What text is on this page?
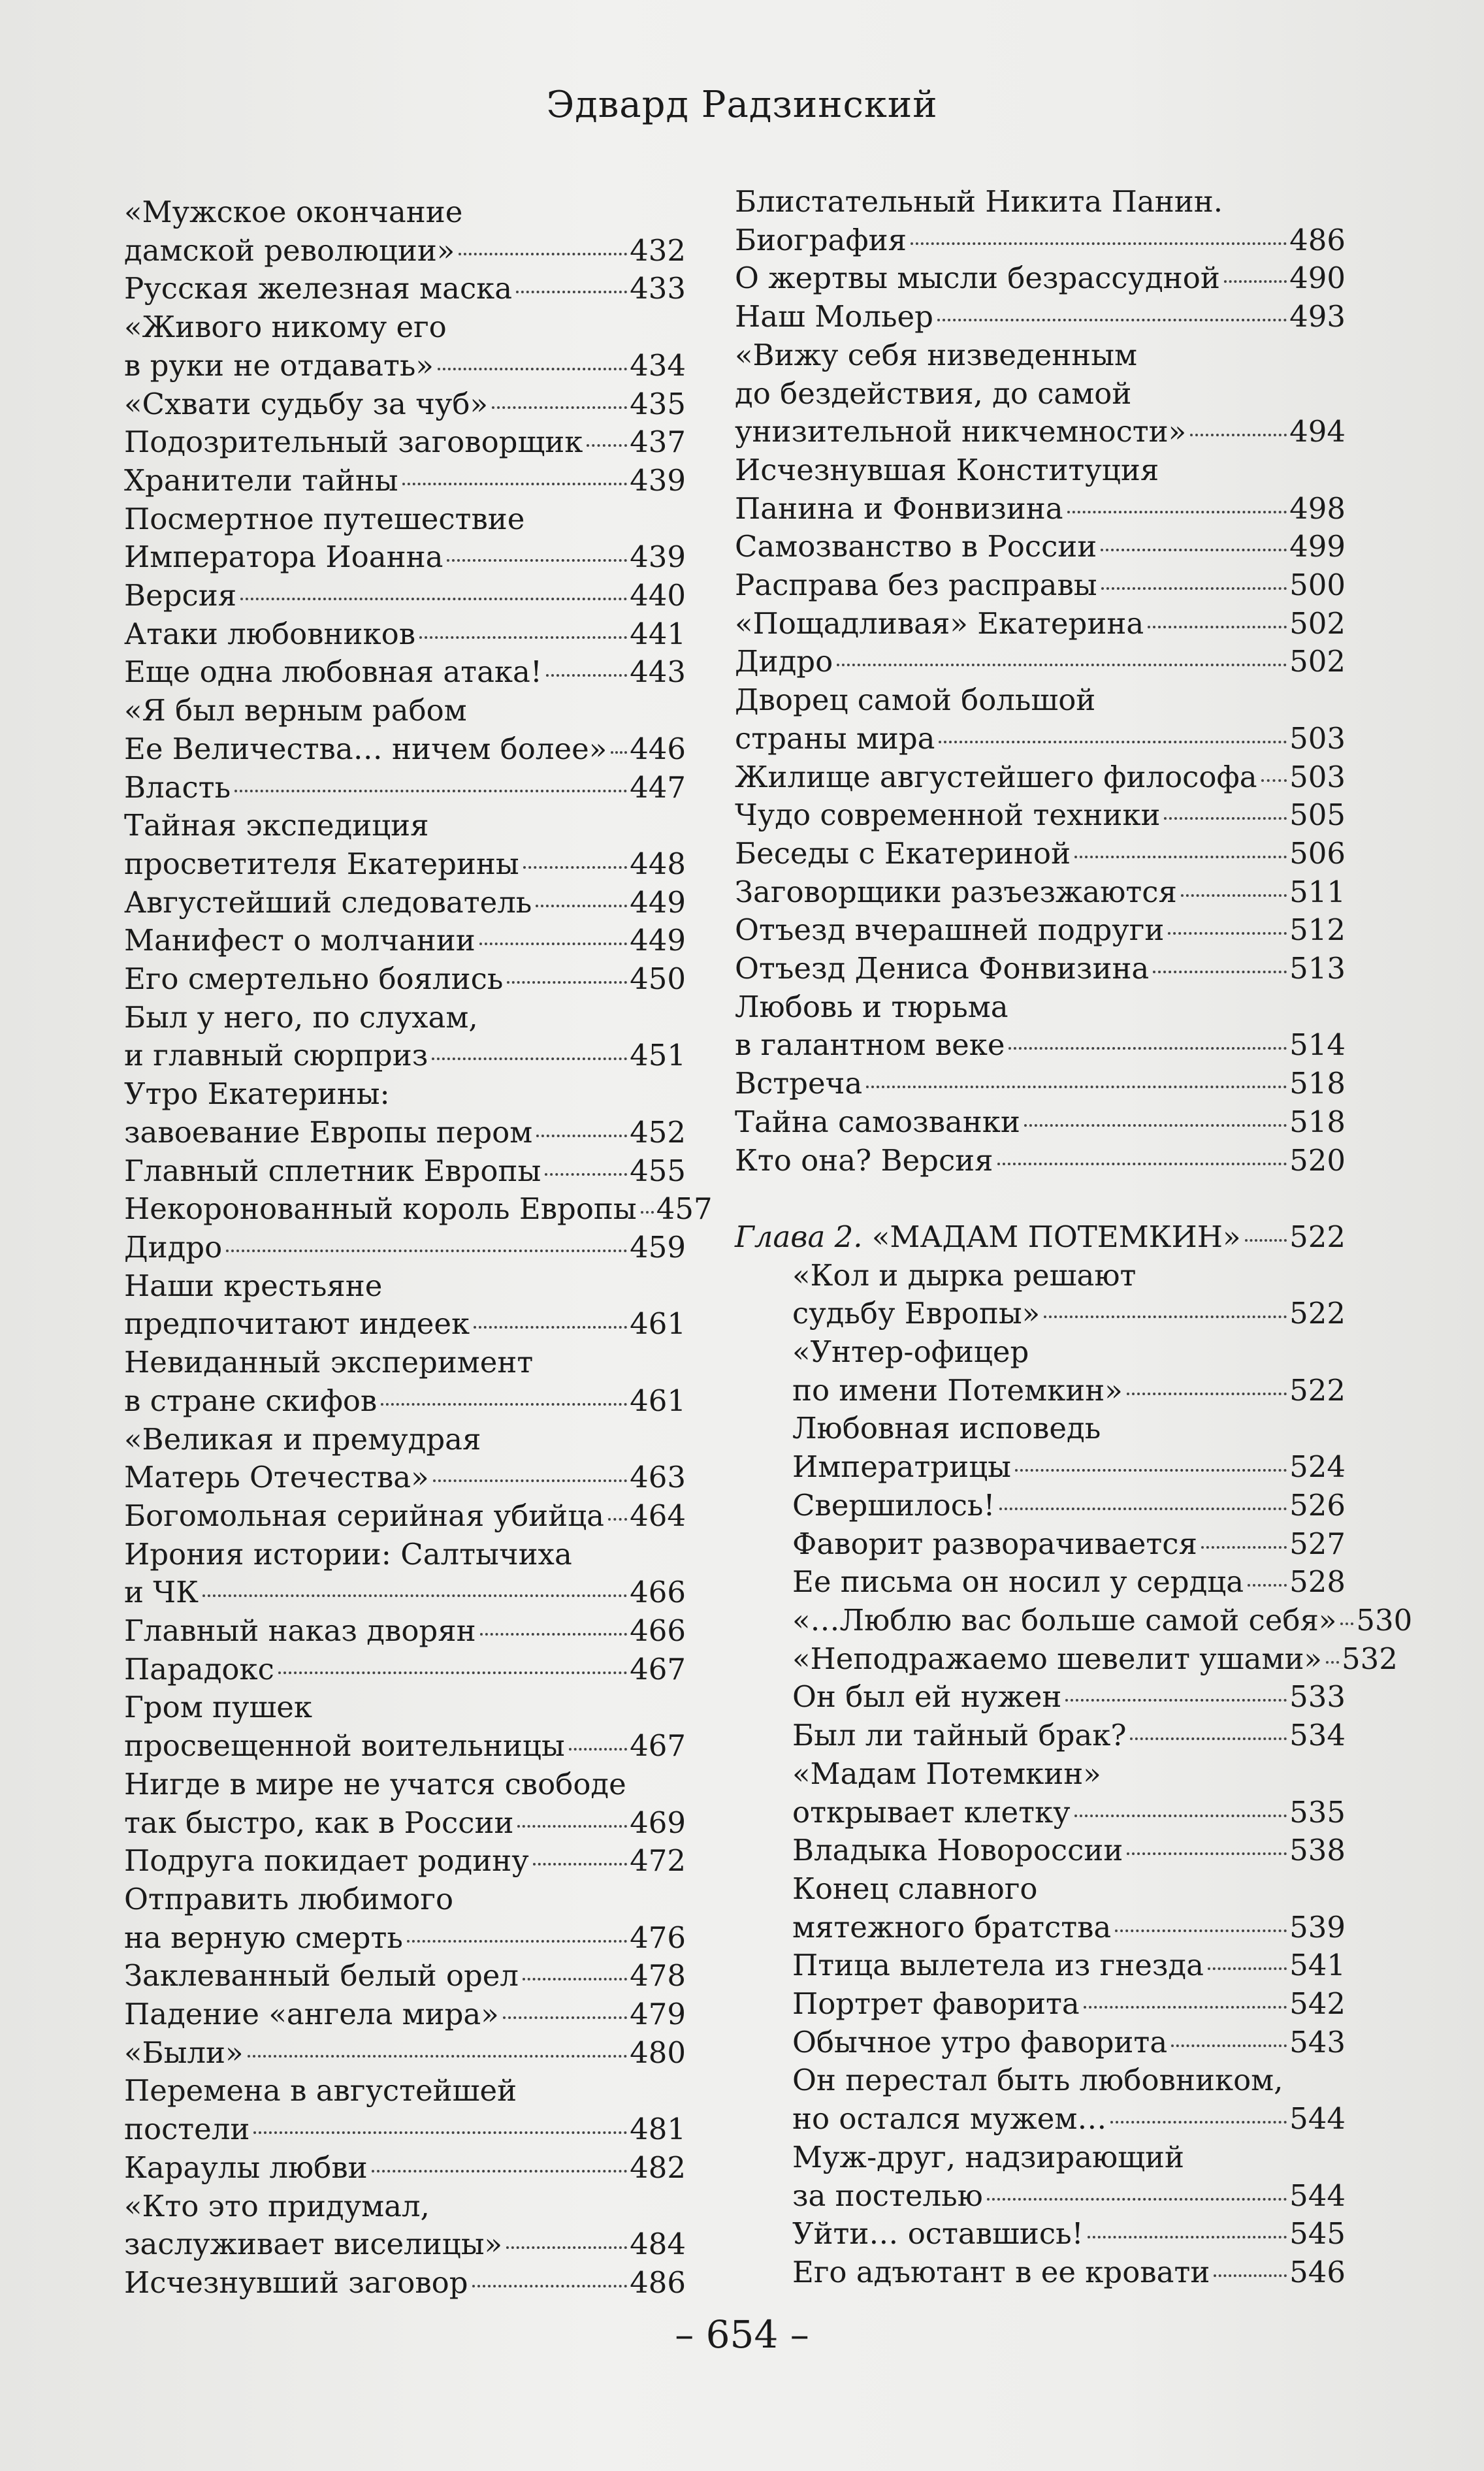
Эдвард Радзинский
«Мужское окончание
дамской революции»	432
Русская железная маска	433
«Живого никому его
в руки не отдавать»	434
«Схвати судьбу за чуб»	435
Подозрительный заговорщик 437
Хранители тайны	439
Посмертное путешествие
Императора Иоанна	439
Версия	440
Атаки любовников	441
Еще одна любовная атака!	443
«Я был верным рабом
Ее Величества… ничем более» 446
Власть	447
Тайная экспедиция
просветителя Екатерины	448
Августейший следователь	449
Манифест о молчании	449
Его смертельно боялись	450
Был у него, по слухам,
и главный сюрприз	451
Утро Екатерины:
завоевание Европы пером	452
Главный сплетник Европы	455
Некоронованный король Европы 457
Дидро	459
Наши крестьяне
предпочитают индеек	461
Невиданный эксперимент
в стране скифов	461
«Великая и премудрая
Матерь Отечества»	463
Богомольная серийная убийца 464
Ирония истории: Салтычиха
и ЧК	466
Главный наказ дворян	466
Парадокс	467
Гром пушек
просвещенной воительницы 467
Нигде в мире не учатся свободе
так быстро, как в России	469
Подруга покидает родину	472
Отправить любимого
на верную смерть	476
Заклеванный белый орел	478
Падение «ангела мира»	479
«Были»	480
Перемена в августейшей
постели	481
Караулы любви	482
«Кто это придумал,
заслуживает виселицы»	484
Исчезнувший заговор	486
Блистательный Никита Панин.
Биография	486
О жертвы мысли безрассудной 490
Наш Мольер	493
«Вижу себя низведенным
до бездействия, до самой
унизительной никчемности»	494
Исчезнувшая Конституция
Панина и Фонвизина	498
Самозванство в России	499
Расправа без расправы	500
«Пощадливая» Екатерина	502
Дидро	502
Дворец самой большой
страны мира	503
Жилище августейшего философа 503
Чудо современной техники	505
Беседы с Екатериной	506
Заговорщики разъезжаются	511
Отъезд вчерашней подруги	512
Отъезд Дениса Фонвизина	513
Любовь и тюрьма
в галантном веке	514
Встреча	518
Тайна самозванки	518
Кто она? Версия	520
Глава 2. «МАДАМ ПОТЕМКИН» 522
«Кол и дырка решают
судьбу Европы»	522
«Унтер-офицер
по имени Потемкин»	522
Любовная исповедь
Императрицы	524
Свершилось!	526
Фаворит разворачивается	527
Ее письма он носил у сердца 528
«…Люблю вас больше самой себя» 530
«Неподражаемо шевелит ушами» 532
Он был ей нужен	533
Был ли тайный брак?	534
«Мадам Потемкин»
открывает клетку	535
Владыка Новороссии	538
Конец славного
мятежного братства	539
Птица вылетела из гнезда	541
Портрет фаворита	542
Обычное утро фаворита	543
Он перестал быть любовником,
но остался мужем…	544
Муж-друг, надзирающий
за постелью	544
Уйти… оставшись!	545
Его адъютант в ее кровати	546
– 654 –
